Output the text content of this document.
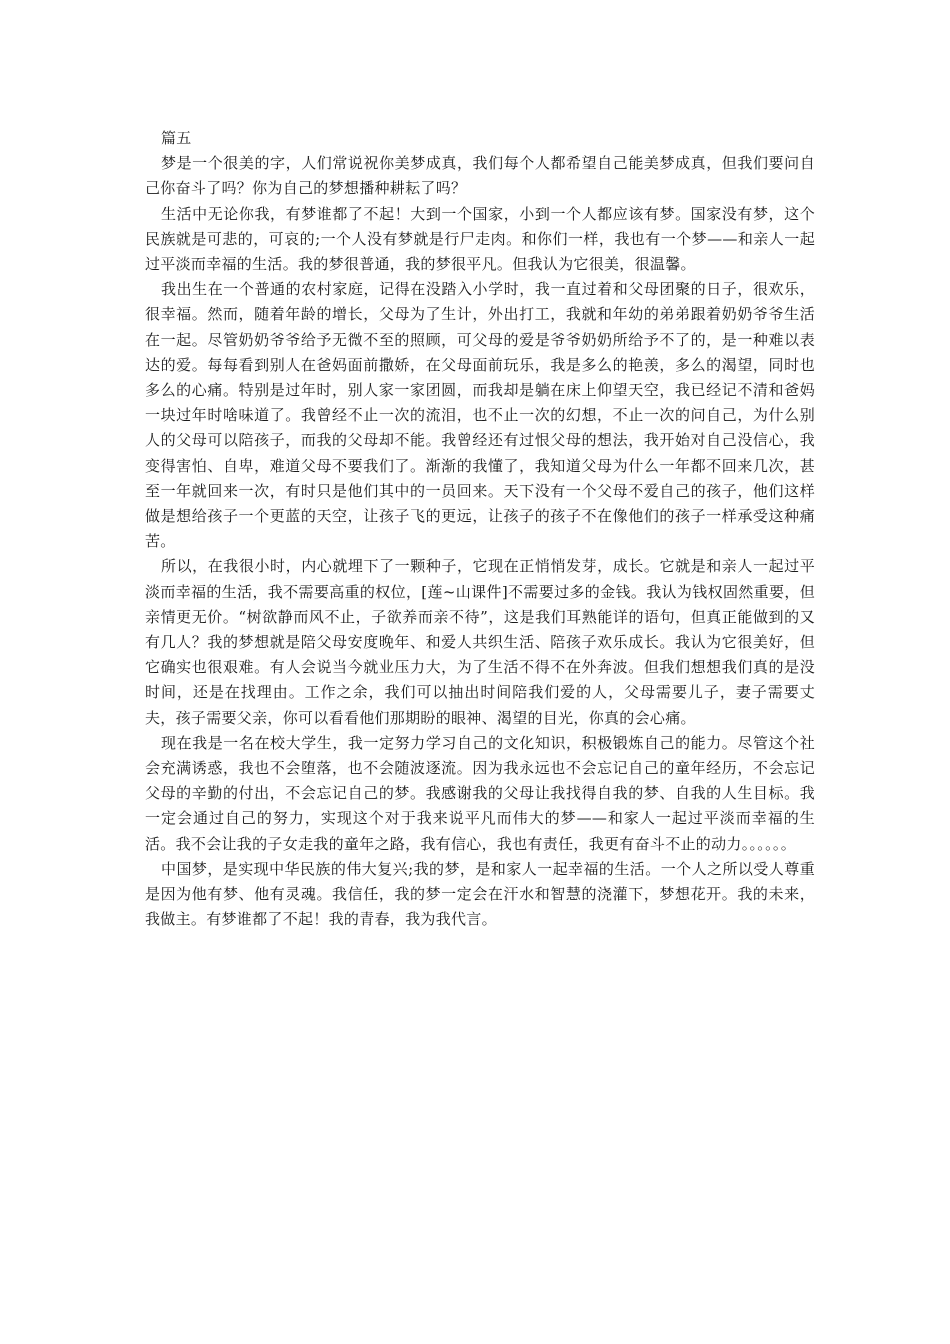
篇五

梦是一个很美的字，人们常说祝你美梦成真，我们每个人都希望自己能美梦成真，但我们要问自己你奋斗了吗？你为自己的梦想播种耕耘了吗？

生活中无论你我，有梦谁都了不起！大到一个国家，小到一个人都应该有梦。国家没有梦，这个民族就是可悲的，可哀的;一个人没有梦就是行尸走肉。和你们一样，我也有一个梦——和亲人一起过平淡而幸福的生活。我的梦很普通，我的梦很平凡。但我认为它很美，很温馨。

我出生在一个普通的农村家庭，记得在没踏入小学时，我一直过着和父母团聚的日子，很欢乐，很幸福。然而，随着年龄的增长，父母为了生计，外出打工，我就和年幼的弟弟跟着奶奶爷爷生活在一起。尽管奶奶爷爷给予无微不至的照顾，可父母的爱是爷爷奶奶所给予不了的，是一种难以表达的爱。每每看到别人在爸妈面前撒娇，在父母面前玩乐，我是多么的艳羡，多么的渴望，同时也多么的心痛。特别是过年时，别人家一家团圆，而我却是躺在床上仰望天空，我已经记不清和爸妈一块过年时啥味道了。我曾经不止一次的流泪，也不止一次的幻想，不止一次的问自己，为什么别人的父母可以陪孩子，而我的父母却不能。我曾经还有过恨父母的想法，我开始对自己没信心，我变得害怕、自卑，难道父母不要我们了。渐渐的我懂了，我知道父母为什么一年都不回来几次，甚至一年就回来一次，有时只是他们其中的一员回来。天下没有一个父母不爱自己的孩子，他们这样做是想给孩子一个更蓝的天空，让孩子飞的更远，让孩子的孩子不在像他们的孩子一样承受这种痛苦。

所以，在我很小时，内心就埋下了一颗种子，它现在正悄悄发芽，成长。它就是和亲人一起过平淡而幸福的生活，我不需要高重的权位，[莲~山课件]不需要过多的金钱。我认为钱权固然重要，但亲情更无价。“树欲静而风不止，子欲养而亲不待”，这是我们耳熟能详的语句，但真正能做到的又有几人？我的梦想就是陪父母安度晚年、和爱人共织生活、陪孩子欢乐成长。我认为它很美好，但它确实也很艰难。有人会说当今就业压力大，为了生活不得不在外奔波。但我们想想我们真的是没时间，还是在找理由。工作之余，我们可以抽出时间陪我们爱的人，父母需要儿子，妻子需要丈夫，孩子需要父亲，你可以看看他们那期盼的眼神、渴望的目光，你真的会心痛。

现在我是一名在校大学生，我一定努力学习自己的文化知识，积极锻炼自己的能力。尽管这个社会充满诱惑，我也不会堕落，也不会随波逐流。因为我永远也不会忘记自己的童年经历，不会忘记父母的辛勤的付出，不会忘记自己的梦。我感谢我的父母让我找得自我的梦、自我的人生目标。我一定会通过自己的努力，实现这个对于我来说平凡而伟大的梦——和家人一起过平淡而幸福的生活。我不会让我的子女走我的童年之路，我有信心，我也有责任，我更有奋斗不止的动力。。。。。。

中国梦，是实现中华民族的伟大复兴;我的梦，是和家人一起幸福的生活。一个人之所以受人尊重是因为他有梦、他有灵魂。我信任，我的梦一定会在汗水和智慧的浇灌下，梦想花开。我的未来，我做主。有梦谁都了不起！我的青春，我为我代言。
